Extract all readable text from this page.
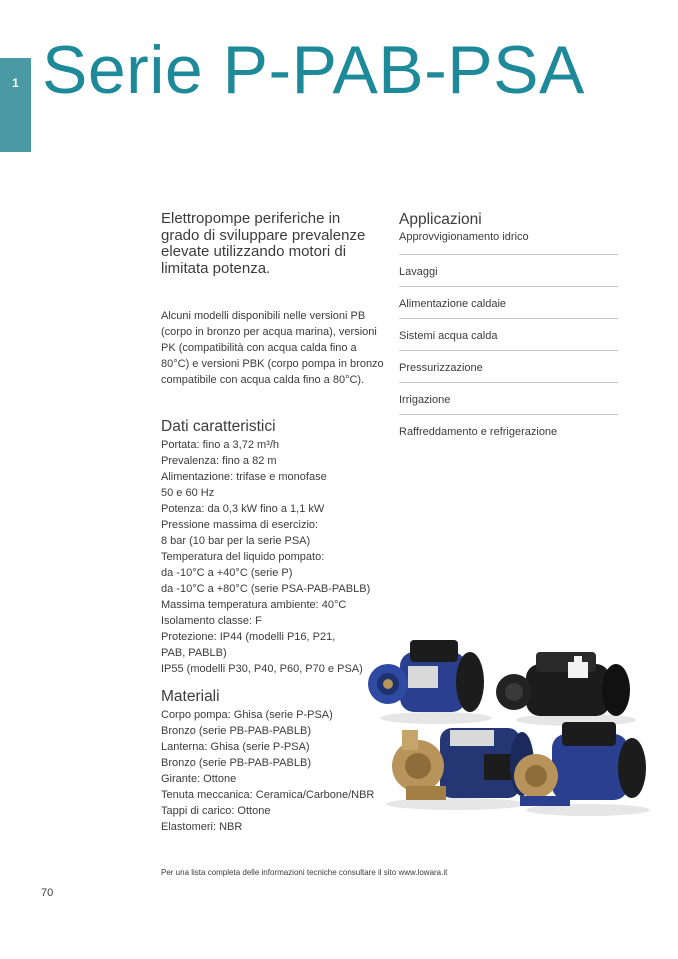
1 Serie P-PAB-PSA

Elettropompe periferiche in grado di sviluppare prevalenze elevate utilizzando motori di limitata potenza.

Alcuni modelli disponibili nelle versioni PB (corpo in bronzo per acqua marina), versioni PK (compatibilità con acqua calda fino a 80°C) e versioni PBK (corpo pompa in bronzo compatibile con acqua calda fino a 80°C).

Dati caratteristici
Portata: fino a 3,72 m³/h
Prevalenza: fino a 82 m
Alimentazione: trifase e monofase
50 e 60 Hz
Potenza: da 0,3 kW fino a 1,1 kW
Pressione massima di esercizio:
8 bar (10 bar per la serie PSA)
Temperatura del liquido pompato:
da -10°C a +40°C (serie P)
da -10°C a +80°C (serie PSA-PAB-PABLB)
Massima temperatura ambiente: 40°C
Isolamento classe: F
Protezione: IP44 (modelli P16, P21,
PAB, PABLB)
IP55 (modelli P30, P40, P60, P70 e PSA)
Materiali
Corpo pompa: Ghisa (serie P-PSA)
Bronzo (serie PB-PAB-PABLB)
Lanterna: Ghisa (serie P-PSA)
Bronzo (serie PB-PAB-PABLB)
Girante: Ottone
Tenuta meccanica: Ceramica/Carbone/NBR
Tappi di carico: Ottone
Elastomeri: NBR
Applicazioni
Approvvigionamento idrico
Lavaggi
Alimentazione caldaie
Sistemi acqua calda
Pressurizzazione
Irrigazione
Raffreddamento e refrigerazione

Per una lista completa delle informazioni tecniche consultare il sito www.lowara.it

70
